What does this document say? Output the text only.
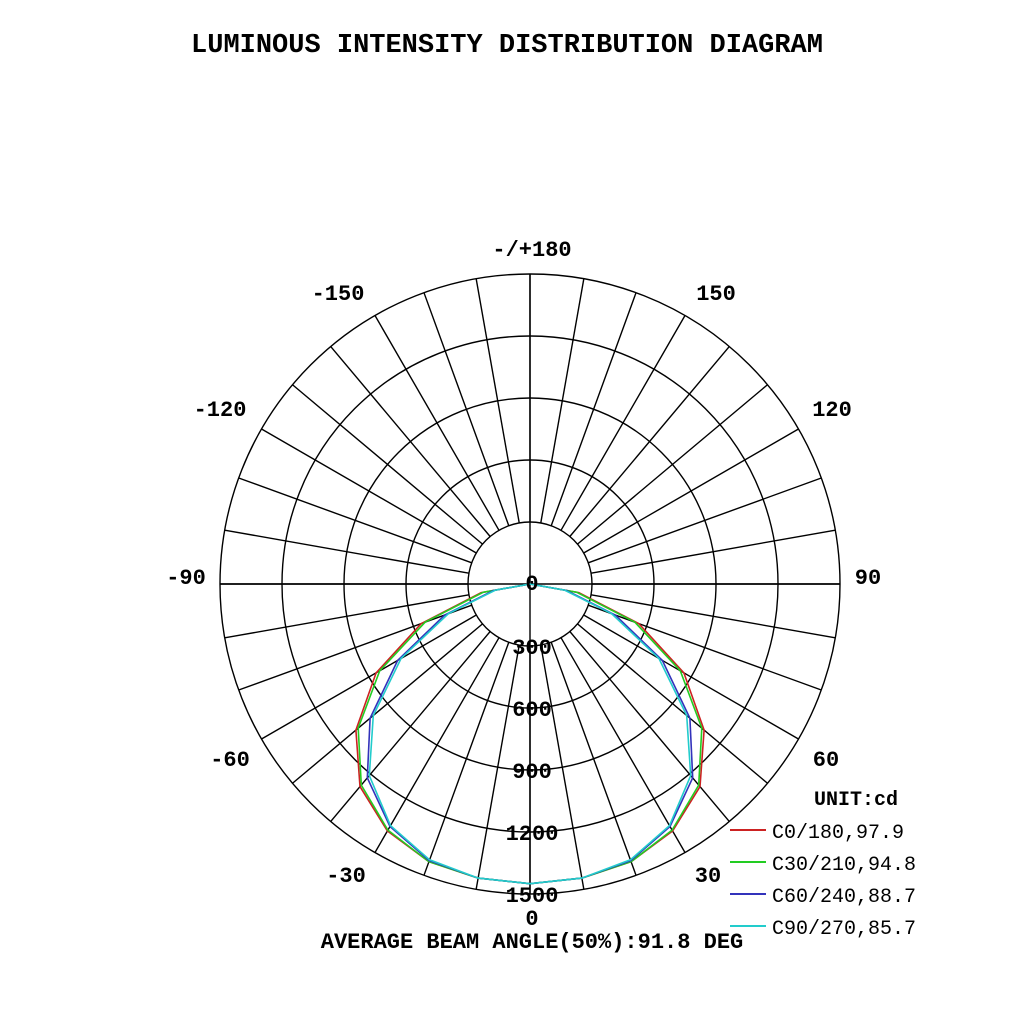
LUMINOUS INTENSITY DISTRIBUTION DIAGRAM
-/+180
150
-150
120
-120
90
-90
60
-60
30
-30
0
0
300
600
900
1200
1500
UNIT:cd
C0/180,97.9
C30/210,94.8
C60/240,88.7
C90/270,85.7
AVERAGE BEAM ANGLE(50%):91.8 DEG
